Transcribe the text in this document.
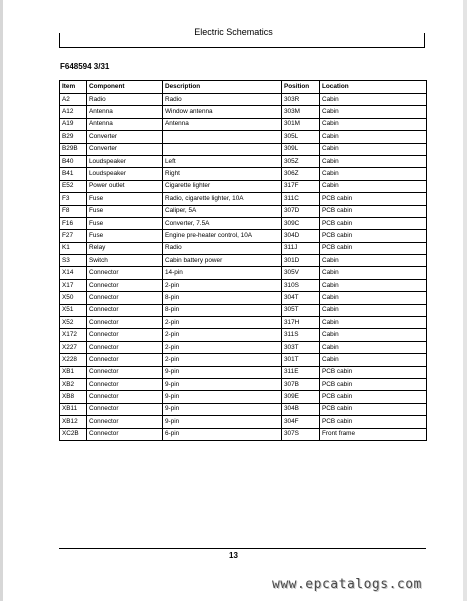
Electric Schematics
F648594 3/31
Item	Component	Description	Position	Location
A2	Radio	Radio	303R	Cabin
A12	Antenna	Window antenna	303M	Cabin
A19	Antenna	Antenna	301M	Cabin
B29	Converter		305L	Cabin
B29B	Converter		309L	Cabin
B40	Loudspeaker	Left	305Z	Cabin
B41	Loudspeaker	Right	306Z	Cabin
E52	Power outlet	Cigarette lighter	317F	Cabin
F3	Fuse	Radio, cigarette lighter, 10A	311C	PCB cabin
F8	Fuse	Caliper, 5A	307D	PCB cabin
F16	Fuse	Converter, 7.5A	309C	PCB cabin
F27	Fuse	Engine pre-heater control, 10A	304D	PCB cabin
K1	Relay	Radio	311J	PCB cabin
S3	Switch	Cabin battery power	301D	Cabin
X14	Connector	14-pin	305V	Cabin
X17	Connector	2-pin	310S	Cabin
X50	Connector	8-pin	304T	Cabin
X51	Connector	8-pin	305T	Cabin
X52	Connector	2-pin	317H	Cabin
X172	Connector	2-pin	311S	Cabin
X227	Connector	2-pin	303T	Cabin
X228	Connector	2-pin	301T	Cabin
XB1	Connector	9-pin	311E	PCB cabin
XB2	Connector	9-pin	307B	PCB cabin
XB8	Connector	9-pin	309E	PCB cabin
XB11	Connector	9-pin	304B	PCB cabin
XB12	Connector	9-pin	304F	PCB cabin
XC2B	Connector	6-pin	307S	Front frame
13
www.epcatalogs.com
